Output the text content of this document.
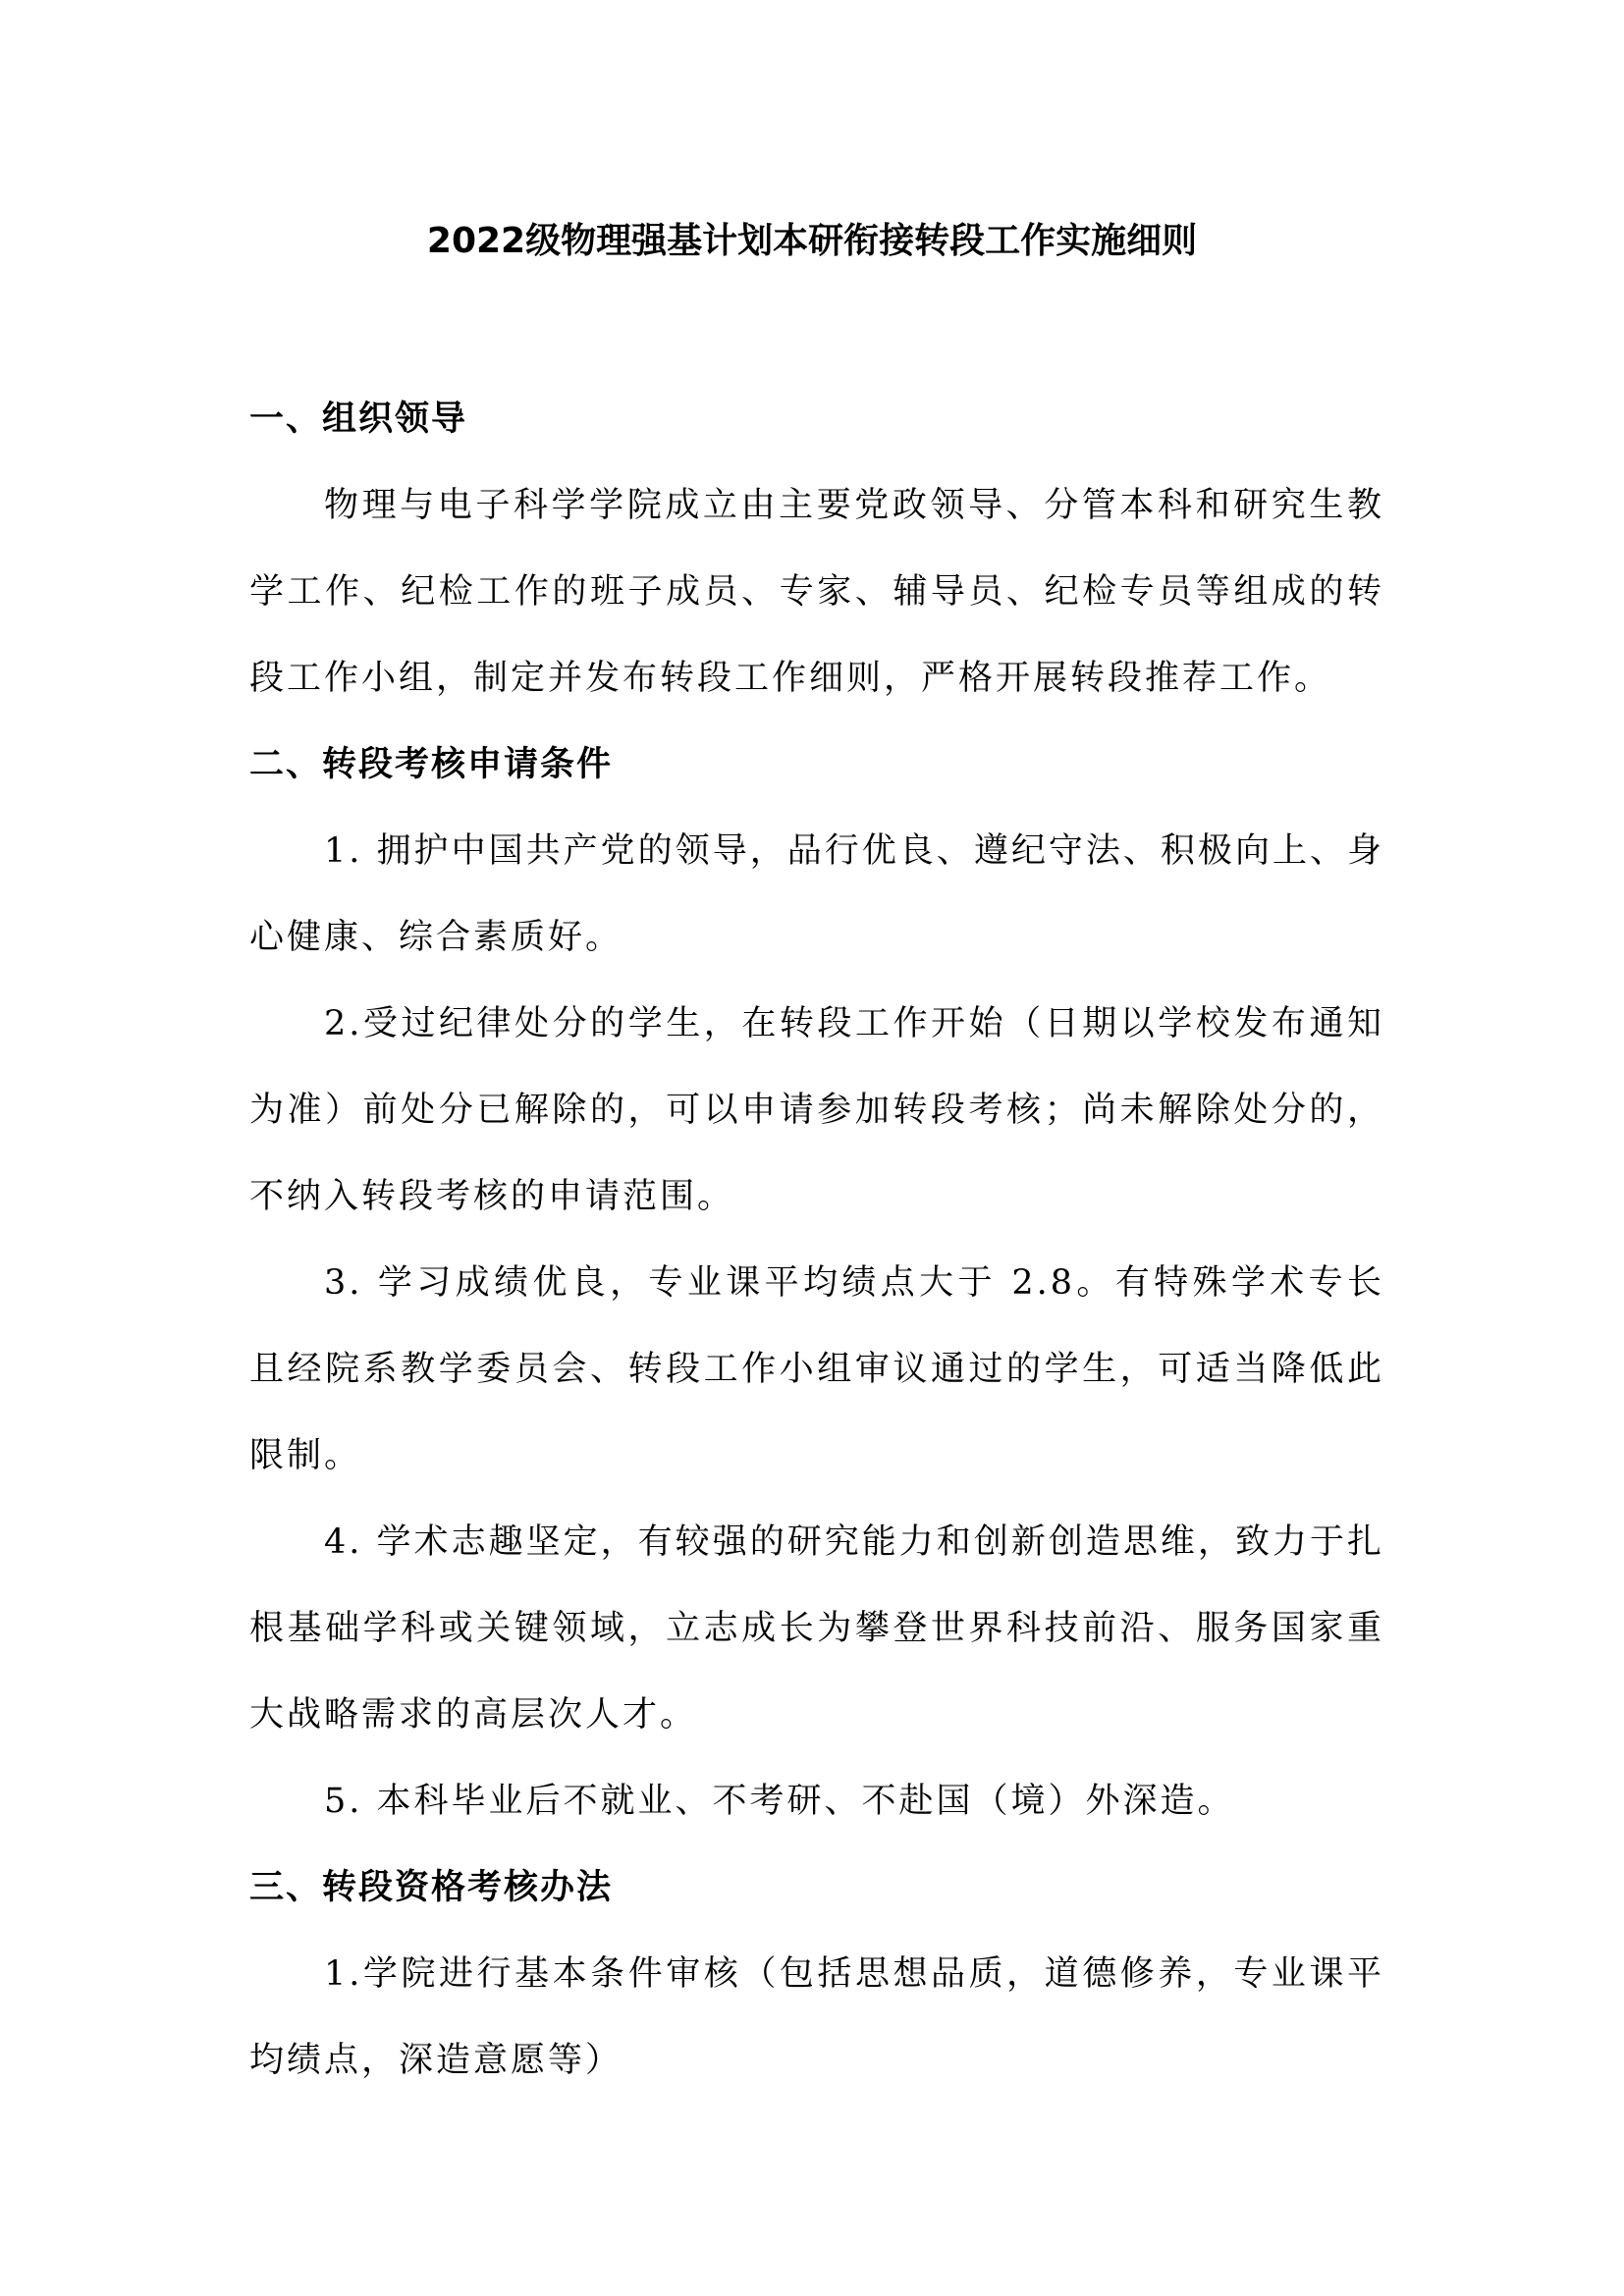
2022级物理强基计划本研衔接转段工作实施细则
一、组织领导

物理与电子科学学院成立由主要党政领导、分管本科和研究生教学工作、纪检工作的班子成员、专家、辅导员、纪检专员等组成的转段工作小组，制定并发布转段工作细则，严格开展转段推荐工作。

二、转段考核申请条件

1. 拥护中国共产党的领导，品行优良、遵纪守法、积极向上、身心健康、综合素质好。

2.受过纪律处分的学生，在转段工作开始（日期以学校发布通知为准）前处分已解除的，可以申请参加转段考核；尚未解除处分的，不纳入转段考核的申请范围。

3. 学习成绩优良，专业课平均绩点大于 2.8。有特殊学术专长且经院系教学委员会、转段工作小组审议通过的学生，可适当降低此限制。

4. 学术志趣坚定，有较强的研究能力和创新创造思维，致力于扎根基础学科或关键领域，立志成长为攀登世界科技前沿、服务国家重大战略需求的高层次人才。

5. 本科毕业后不就业、不考研、不赴国（境）外深造。

三、转段资格考核办法

1.学院进行基本条件审核（包括思想品质，道德修养，专业课平均绩点，深造意愿等）
